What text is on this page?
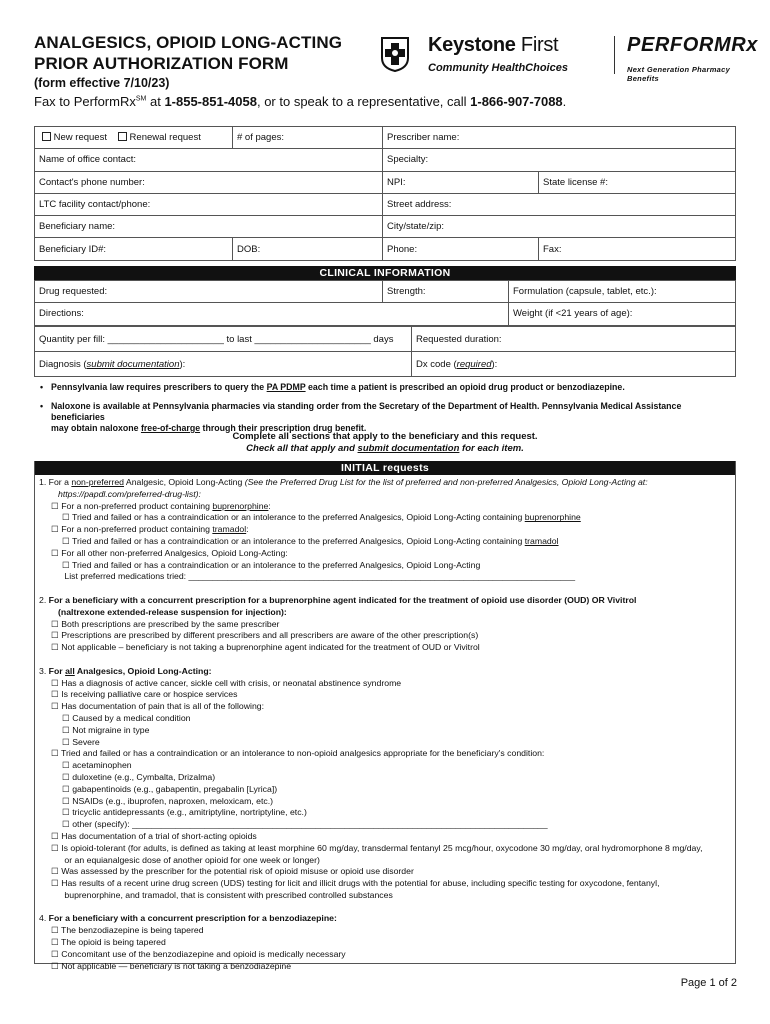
ANALGESICS, OPIOID LONG-ACTING
PRIOR AUTHORIZATION FORM
(form effective 7/10/23)
Keystone First
Community HealthChoices
PERFORMRx
Next Generation Pharmacy Benefits
Fax to PerformRx℠ at 1-855-851-4058, or to speak to a representative, call 1-866-907-7088.
New request Renewal request	# of pages:	Prescriber name:	
Name of office contact:		Specialty:	
Contact's phone number:		NPI:	State license #:
LTC facility contact/phone:		Street address:	
Beneficiary name:		City/state/zip:	
Beneficiary ID#:	DOB:	Phone:	Fax:
CLINICAL INFORMATION
Drug requested:	Strength:	Formulation (capsule, tablet, etc.):
Directions:		Weight (if <21 years of age):
Quantity per fill: ______________________ to last ______________________ days	Requested duration:
Diagnosis (submit documentation):	Dx code (required):
• Pennsylvania law requires prescribers to query the PA PDMP each time a patient is prescribed an opioid drug product or benzodiazepine.
• Naloxone is available at Pennsylvania pharmacies via standing order from the Secretary of the Department of Health. Pennsylvania Medical Assistance beneficiaries
may obtain naloxone free-of-charge through their prescription drug benefit.
Complete all sections that apply to the beneficiary and this request.
Check all that apply and submit documentation for each item.
INITIAL requests
1. For a non-preferred Analgesic, Opioid Long-Acting (See the Preferred Drug List for the list of preferred and non-preferred Analgesics, Opioid Long-Acting at:
https://papdl.com/preferred-drug-list):
☐ For a non-preferred product containing buprenorphine:
☐ Tried and failed or has a contraindication or an intolerance to the preferred Analgesics, Opioid Long-Acting containing buprenorphine
☐ For a non-preferred product containing tramadol:
☐ Tried and failed or has a contraindication or an intolerance to the preferred Analgesics, Opioid Long-Acting containing tramadol
☐ For all other non-preferred Analgesics, Opioid Long-Acting:
☐ Tried and failed or has a contraindication or an intolerance to the preferred Analgesics, Opioid Long-Acting
List preferred medications tried: ________________________________________________________________________________

2. For a beneficiary with a concurrent prescription for a buprenorphine agent indicated for the treatment of opioid use disorder (OUD) OR Vivitrol
(naltrexone extended-release suspension for injection):
☐ Both prescriptions are prescribed by the same prescriber
☐ Prescriptions are prescribed by different prescribers and all prescribers are aware of the other prescription(s)
☐ Not applicable – beneficiary is not taking a buprenorphine agent indicated for the treatment of OUD or Vivitrol

3. For all Analgesics, Opioid Long-Acting:
☐ Has a diagnosis of active cancer, sickle cell with crisis, or neonatal abstinence syndrome
☐ Is receiving palliative care or hospice services
☐ Has documentation of pain that is all of the following:
☐ Caused by a medical condition
☐ Not migraine in type
☐ Severe
☐ Tried and failed or has a contraindication or an intolerance to non-opioid analgesics appropriate for the beneficiary's condition:
☐ acetaminophen
☐ duloxetine (e.g., Cymbalta, Drizalma)
☐ gabapentinoids (e.g., gabapentin, pregabalin [Lyrica])
☐ NSAIDs (e.g., ibuprofen, naproxen, meloxicam, etc.)
☐ tricyclic antidepressants (e.g., amitriptyline, nortriptyline, etc.)
☐ other (specify): ______________________________________________________________________________________
☐ Has documentation of a trial of short-acting opioids
☐ Is opioid-tolerant (for adults, is defined as taking at least morphine 60 mg/day, transdermal fentanyl 25 mcg/hour, oxycodone 30 mg/day, oral hydromorphone 8 mg/day,
or an equianalgesic dose of another opioid for one week or longer)
☐ Was assessed by the prescriber for the potential risk of opioid misuse or opioid use disorder
☐ Has results of a recent urine drug screen (UDS) testing for licit and illicit drugs with the potential for abuse, including specific testing for oxycodone, fentanyl,
buprenorphine, and tramadol, that is consistent with prescribed controlled substances

4. For a beneficiary with a concurrent prescription for a benzodiazepine:
☐ The benzodiazepine is being tapered
☐ The opioid is being tapered
☐ Concomitant use of the benzodiazepine and opioid is medically necessary
☐ Not applicable — beneficiary is not taking a benzodiazepine
Page 1 of 2
